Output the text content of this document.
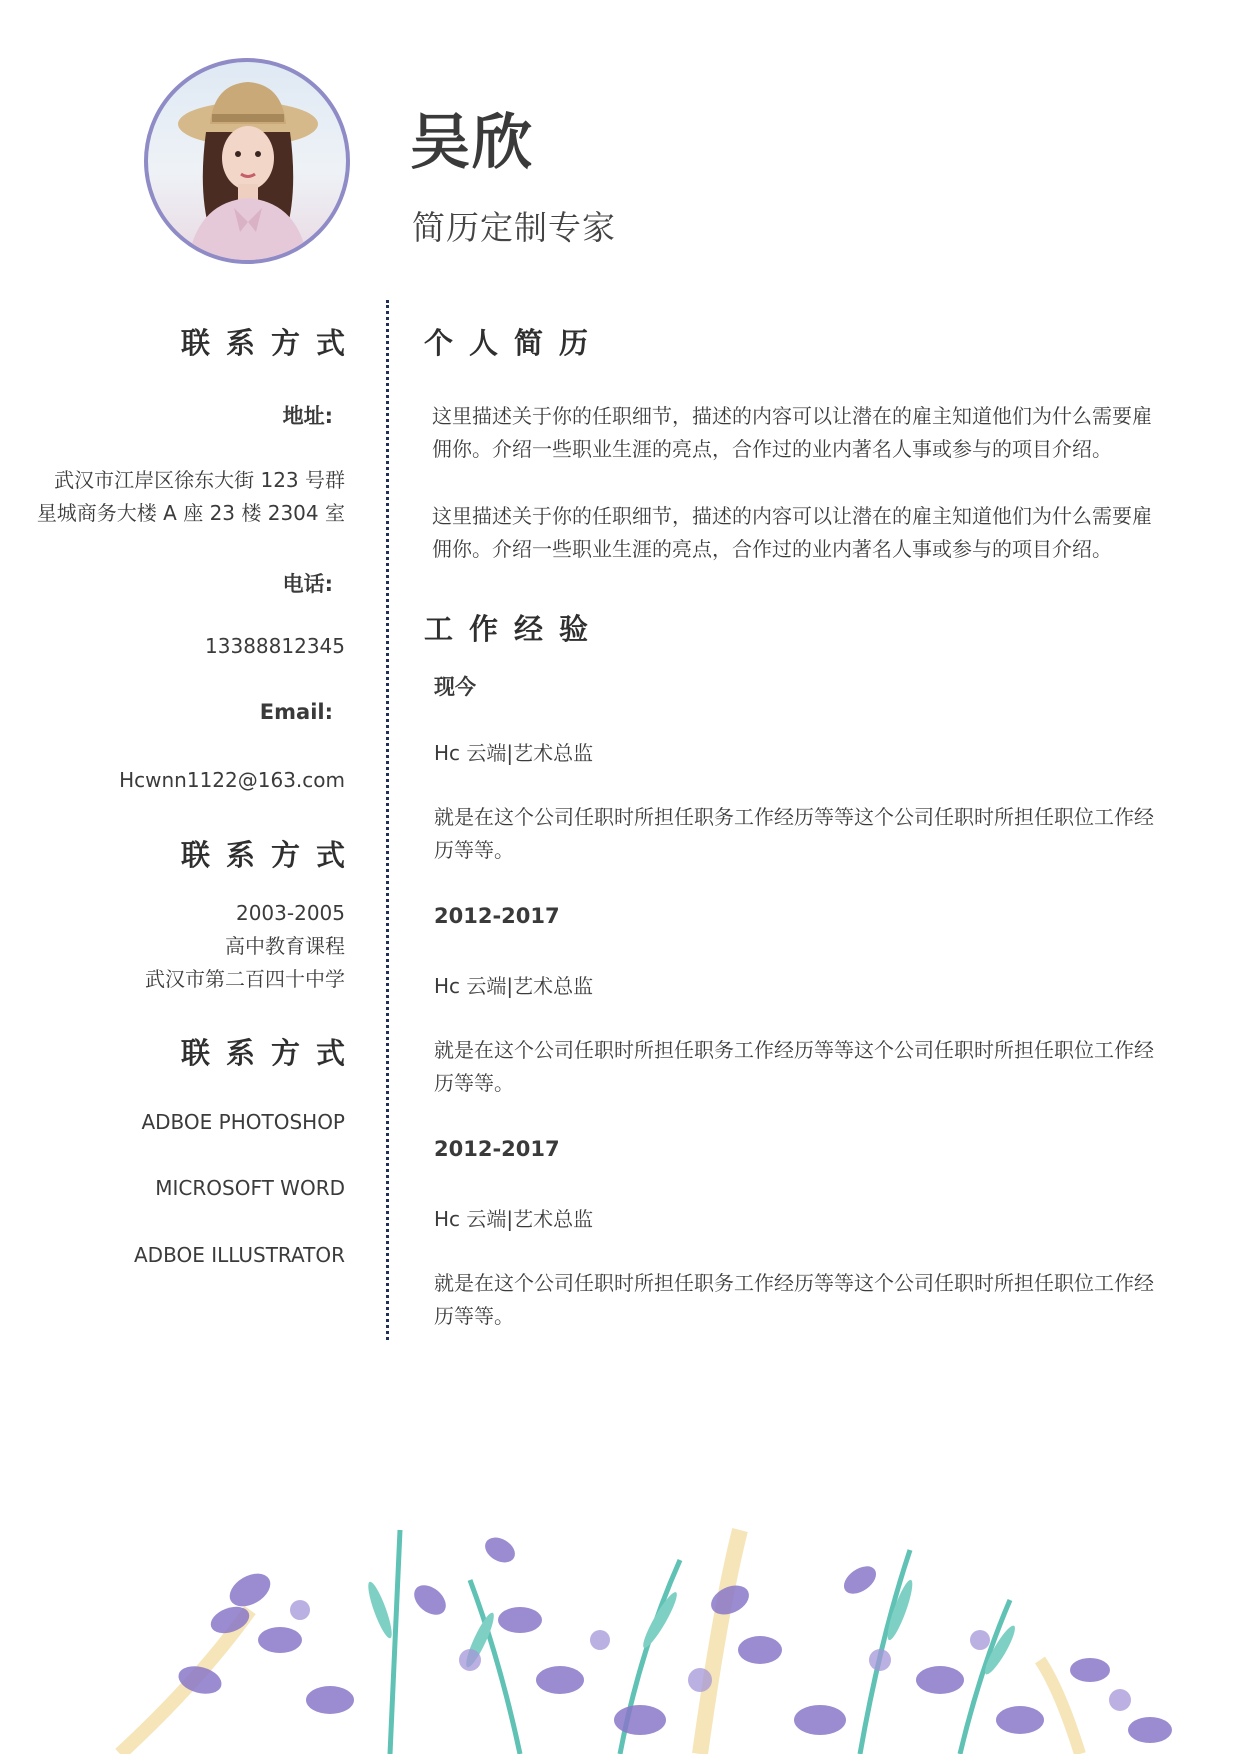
吴欣
简历定制专家
联系方式
地址:
武汉市江岸区徐东大街 123 号群
星城商务大楼 A 座 23 楼 2304 室
电话:
13388812345
Email:
Hcwnn1122@163.com
联系方式
2003-2005
高中教育课程
武汉市第二百四十中学
联系方式
ADBOE PHOTOSHOP
MICROSOFT WORD
ADBOE ILLUSTRATOR
个人简历
这里描述关于你的任职细节，描述的内容可以让潜在的雇主知道他们为什么需要雇佣你。介绍一些职业生涯的亮点，合作过的业内著名人事或参与的项目介绍。
这里描述关于你的任职细节，描述的内容可以让潜在的雇主知道他们为什么需要雇佣你。介绍一些职业生涯的亮点，合作过的业内著名人事或参与的项目介绍。
工作经验
现今
Hc 云端|艺术总监
就是在这个公司任职时所担任职务工作经历等等这个公司任职时所担任职位工作经历等等。
2012-2017
Hc 云端|艺术总监
就是在这个公司任职时所担任职务工作经历等等这个公司任职时所担任职位工作经历等等。
2012-2017
Hc 云端|艺术总监
就是在这个公司任职时所担任职务工作经历等等这个公司任职时所担任职位工作经历等等。
